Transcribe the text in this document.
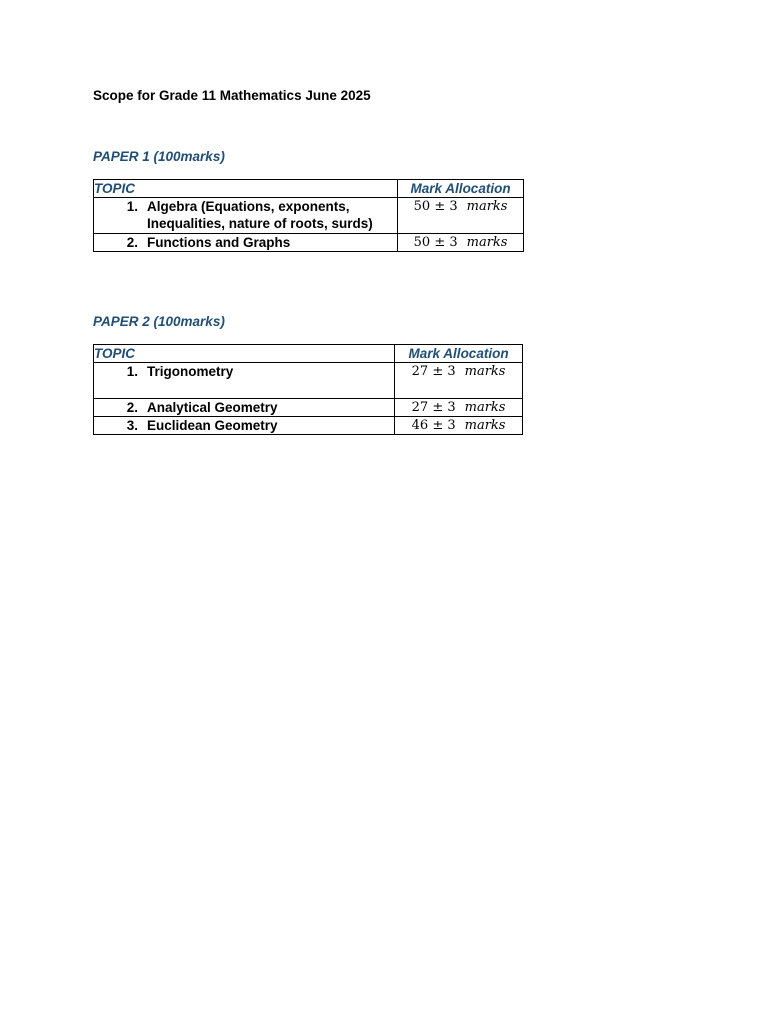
Scope for Grade 11 Mathematics June 2025
PAPER 1 (100marks)
TOPIC	Mark Allocation

1. Algebra (Equations, exponents,
Inequalities, nature of roots, surds)	50 ± 3 marks

2. Functions and Graphs	50 ± 3 marks
PAPER 2 (100marks)
TOPIC	Mark Allocation

1. Trigonometry	27 ± 3 marks

2. Analytical Geometry	27 ± 3 marks

3. Euclidean Geometry	46 ± 3 marks
